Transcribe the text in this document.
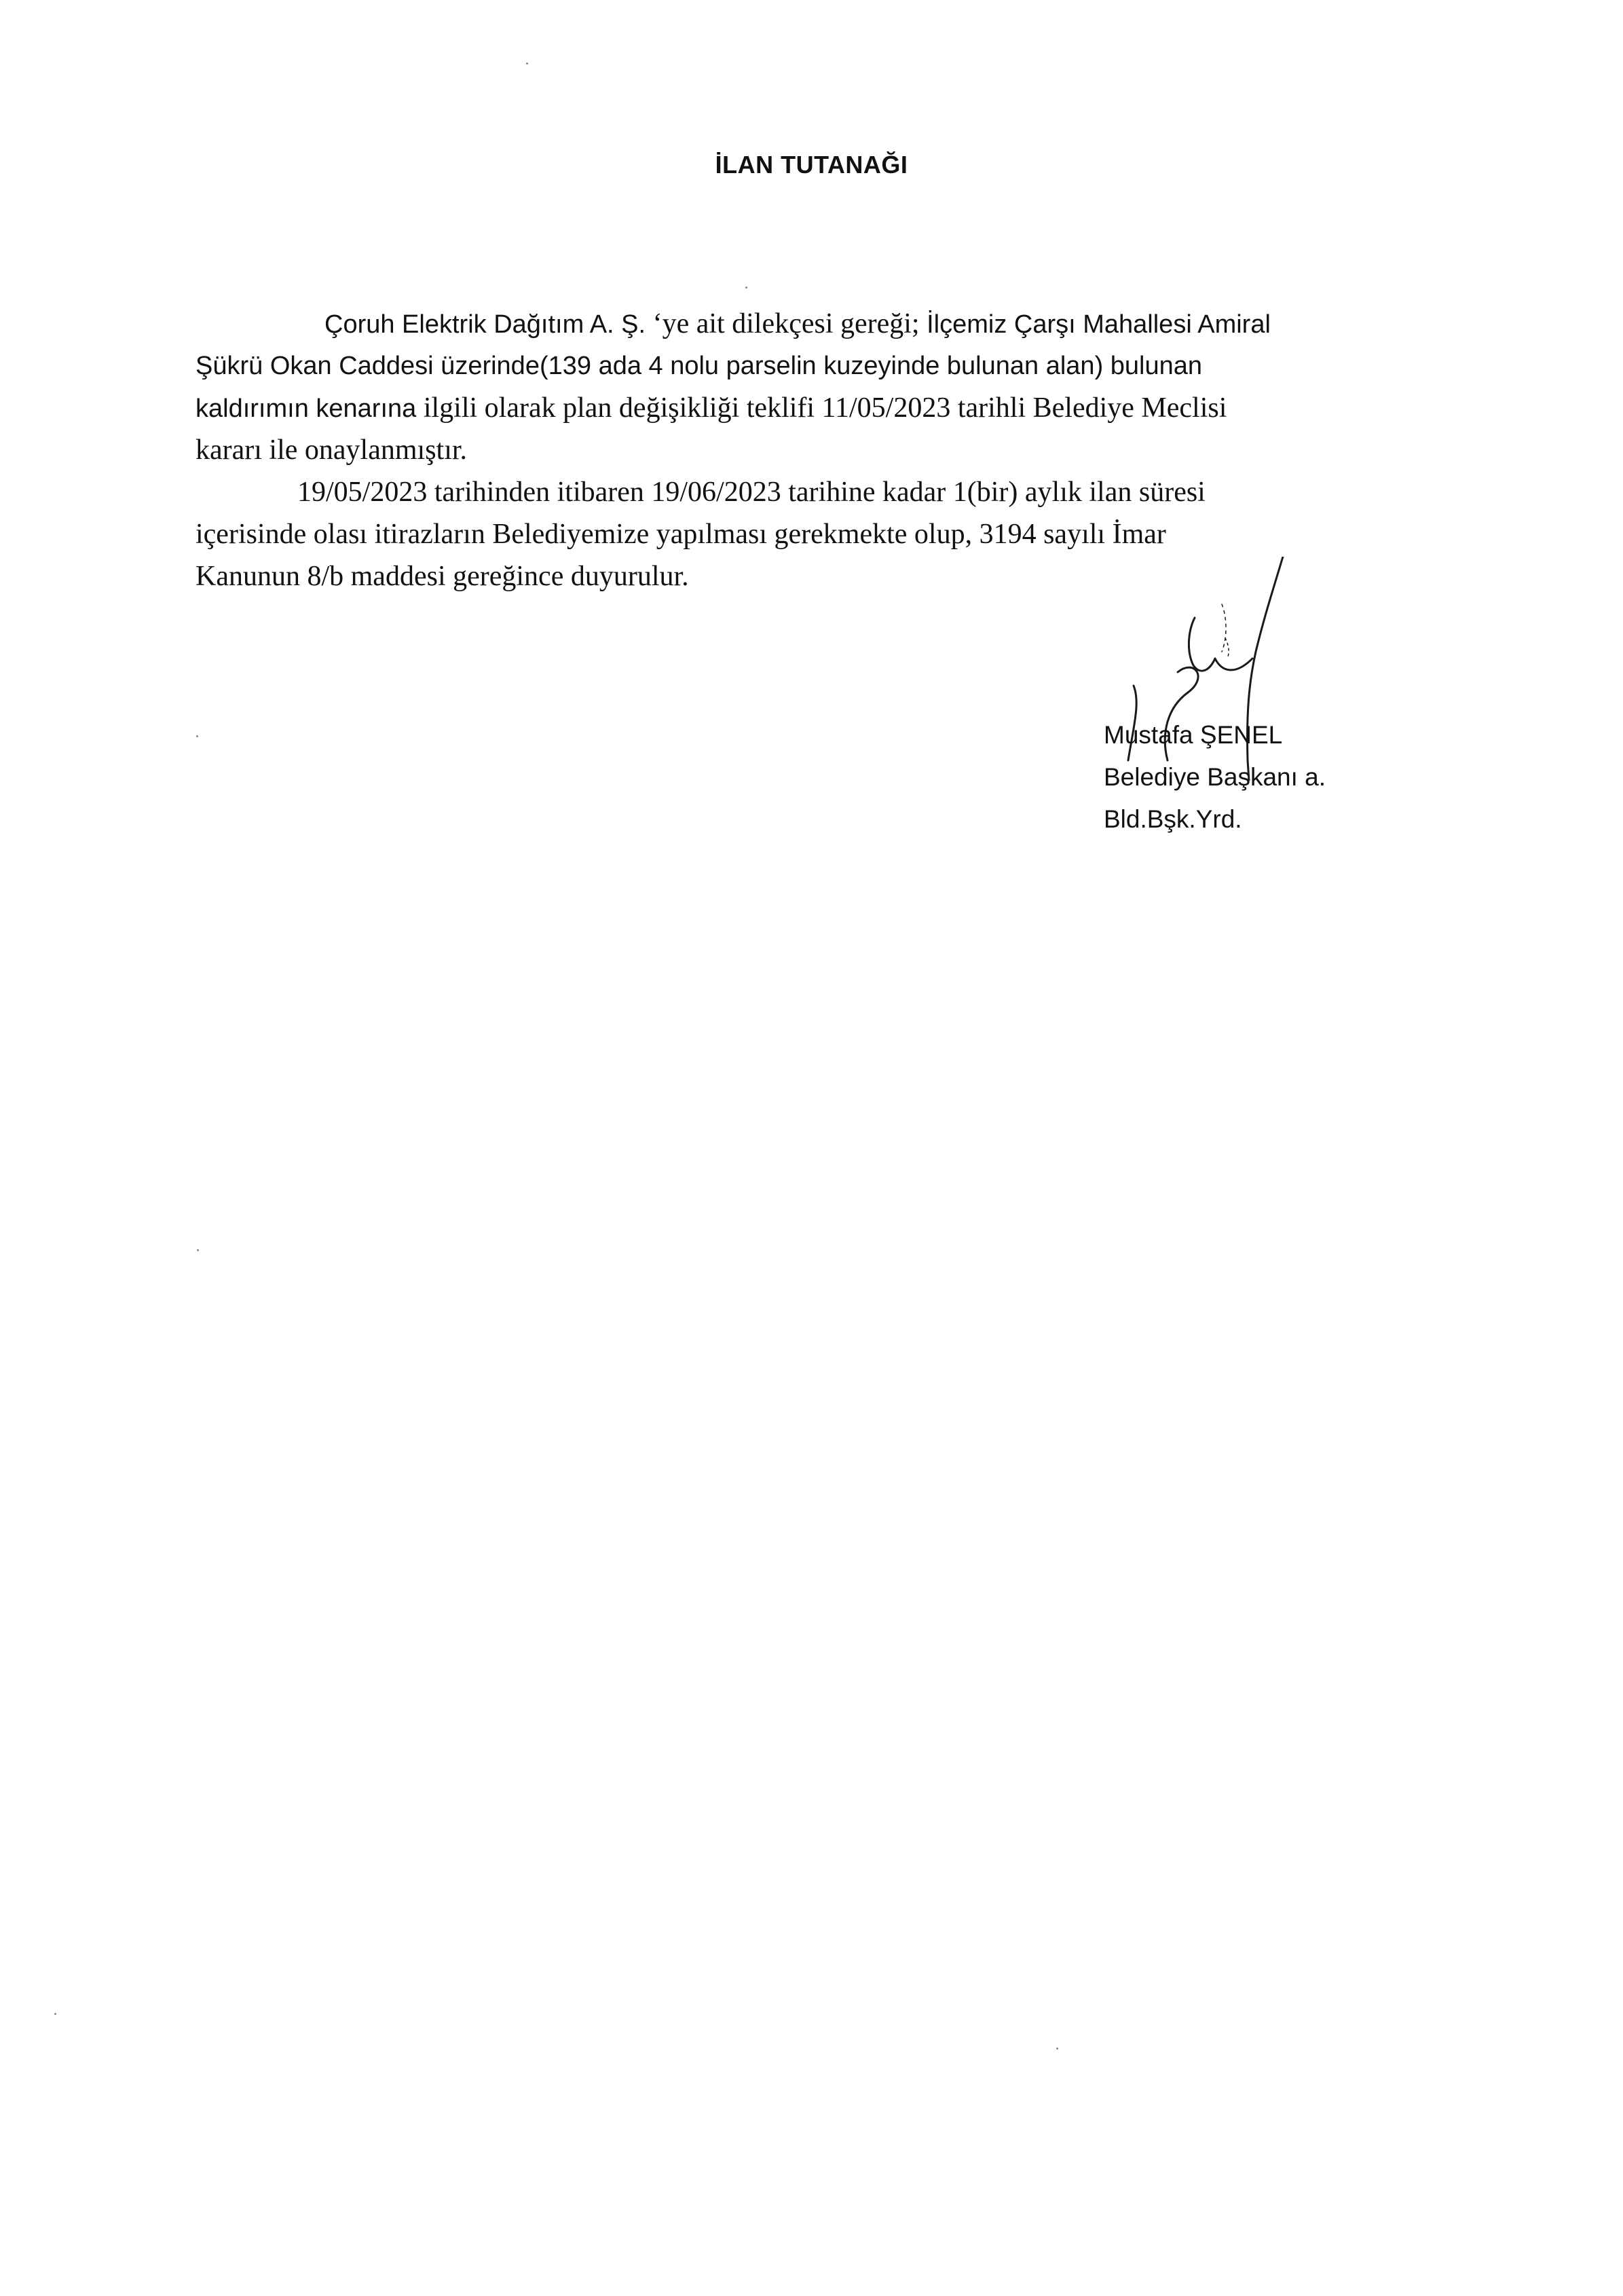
İLAN TUTANAĞI
Çoruh Elektrik Dağıtım A. Ş. ‘ye ait dilekçesi gereği; İlçemiz Çarşı Mahallesi Amiral
Şükrü Okan Caddesi üzerinde(139 ada 4 nolu parselin kuzeyinde bulunan alan) bulunan
kaldırımın kenarına ilgili olarak plan değişikliği teklifi 11/05/2023 tarihli Belediye Meclisi
kararı ile onaylanmıştır.
19/05/2023 tarihinden itibaren 19/06/2023 tarihine kadar 1(bir) aylık ilan süresi
içerisinde olası itirazların Belediyemize yapılması gerekmekte olup, 3194 sayılı İmar
Kanunun 8/b maddesi gereğince duyurulur.
Mustafa ŞENEL
Belediye Başkanı a.
Bld.Bşk.Yrd.
